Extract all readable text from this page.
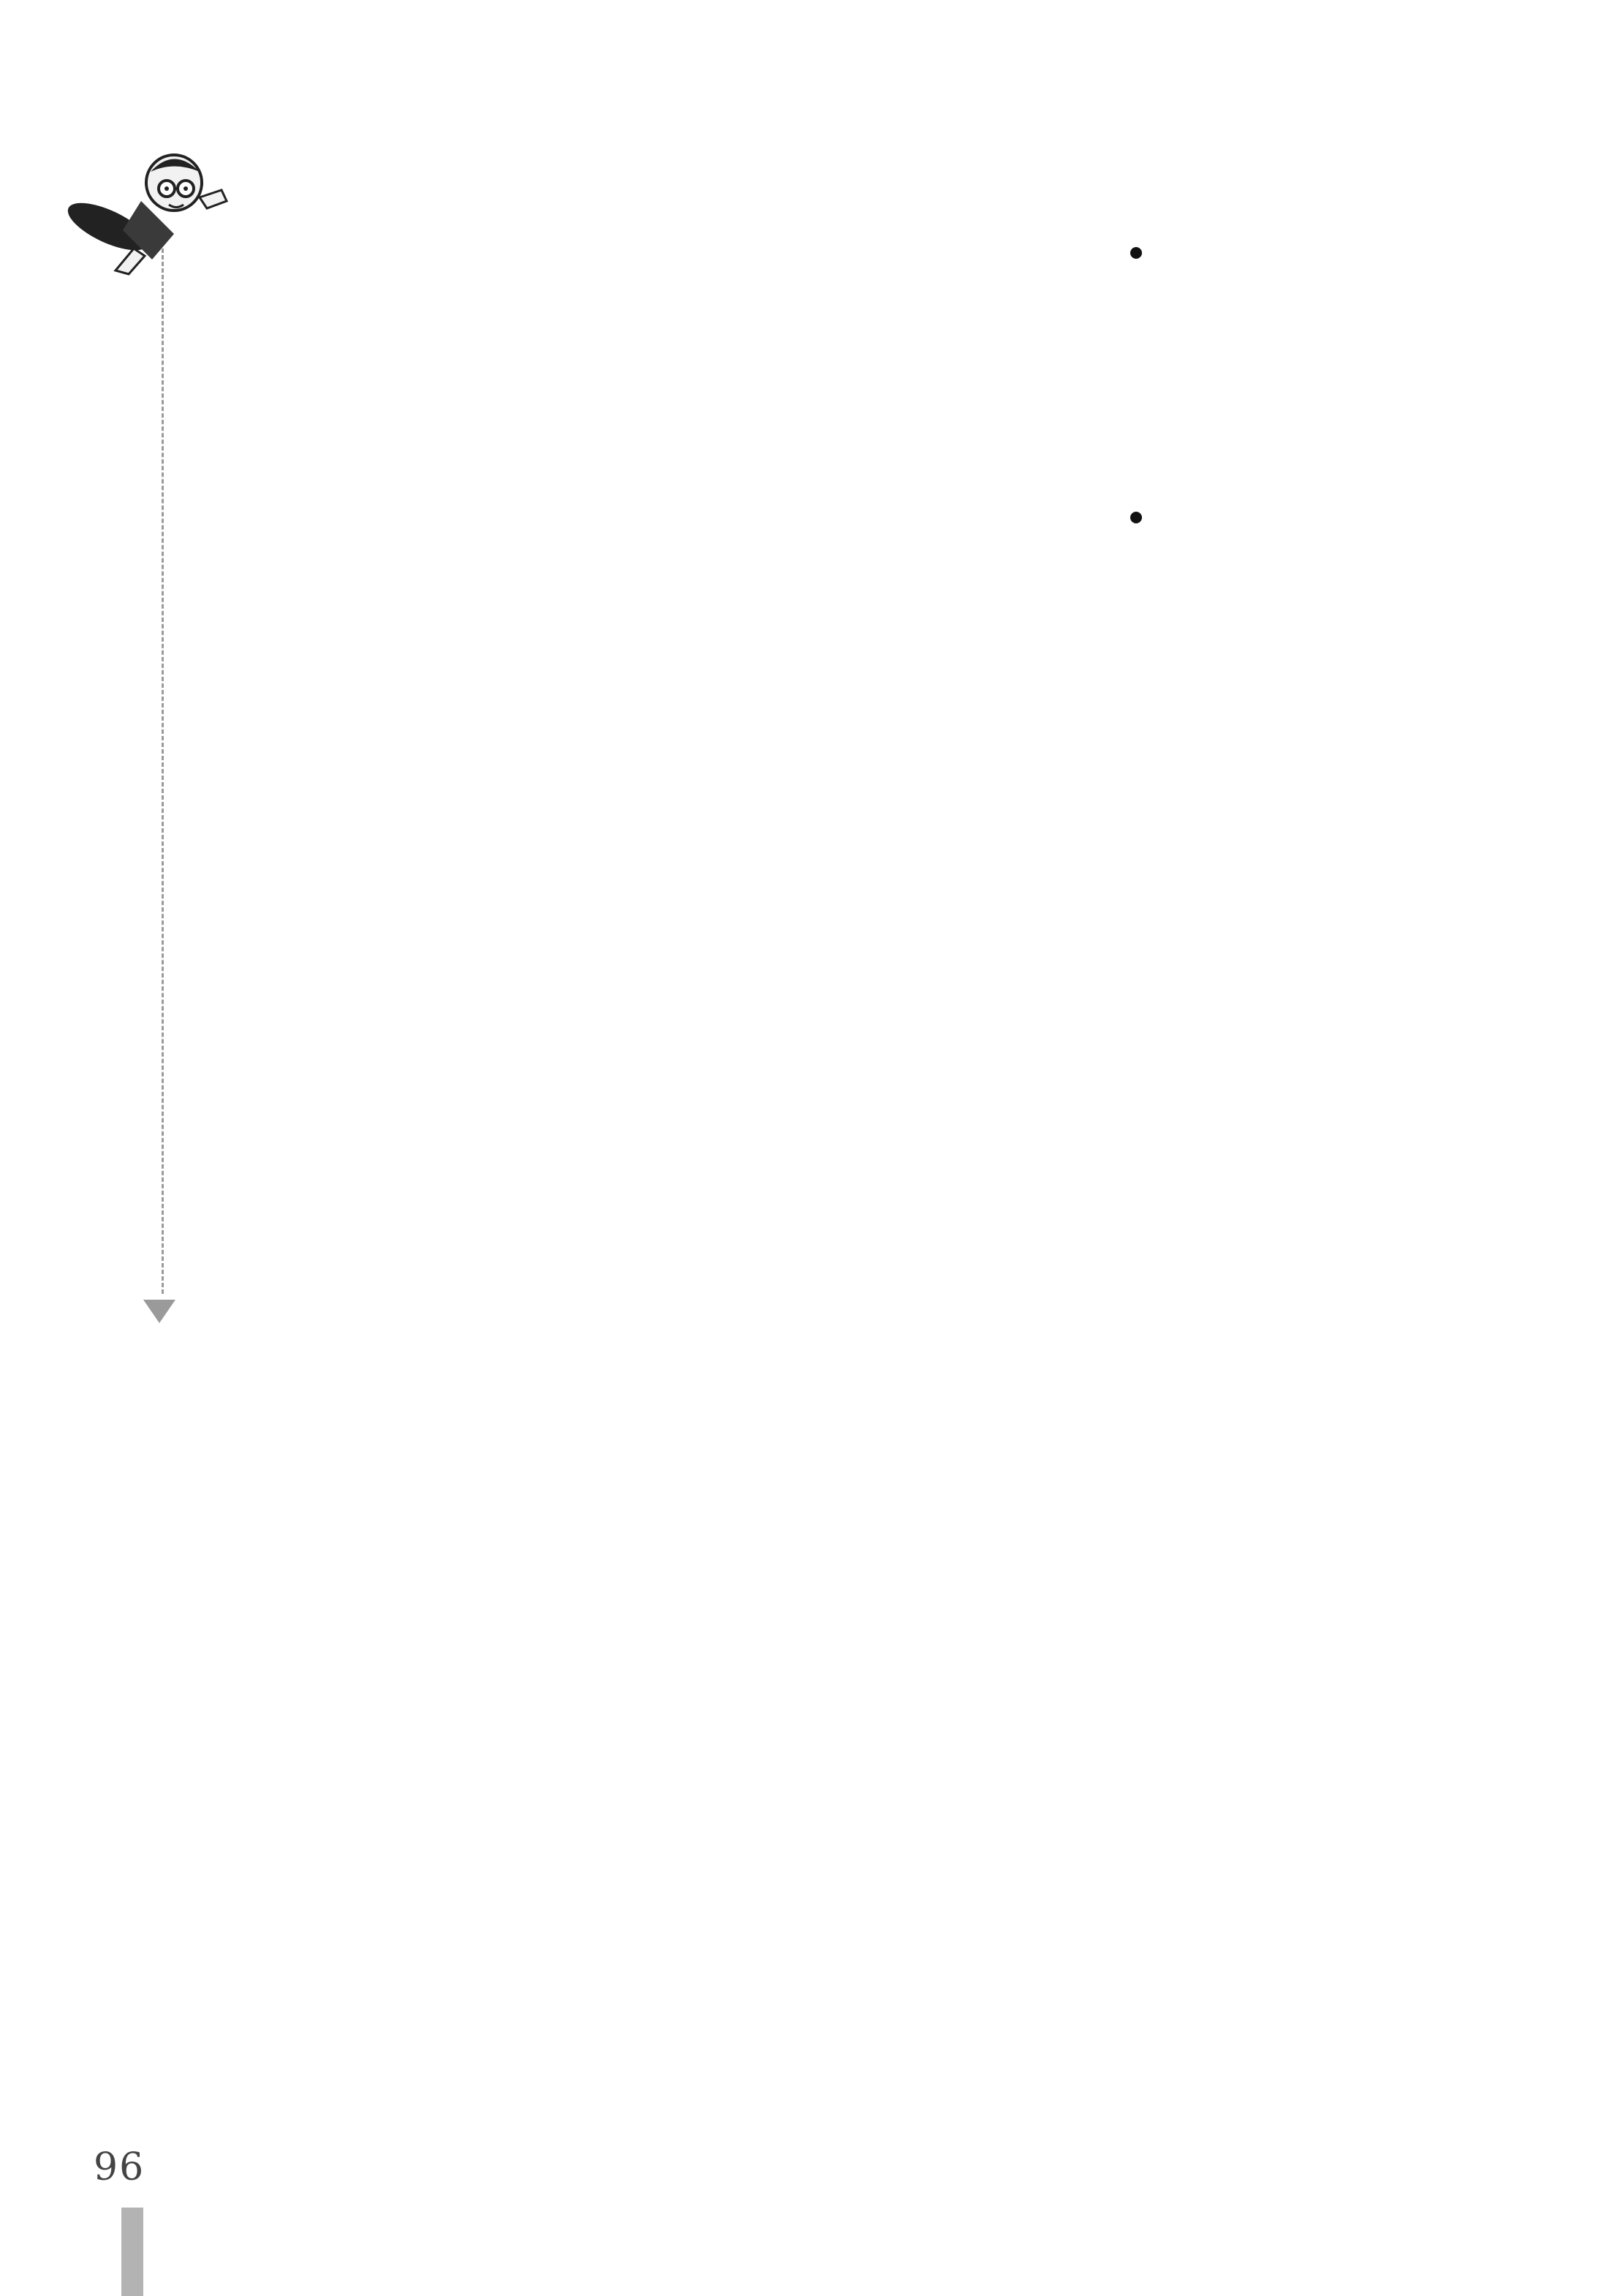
96
